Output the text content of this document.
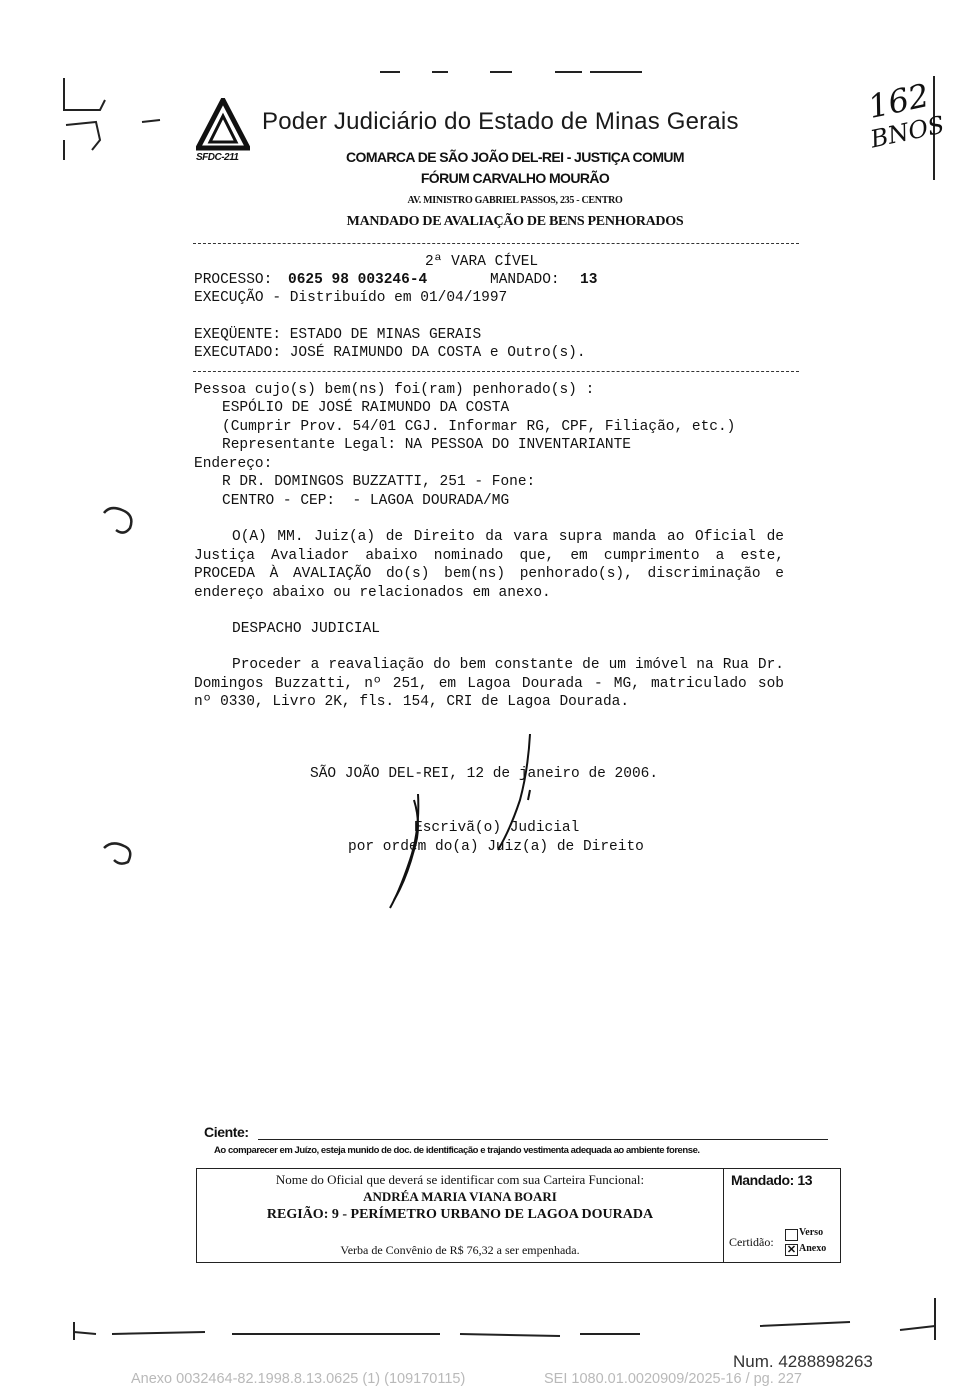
162
BNOS
SFDC-211
Poder Judiciário do Estado de Minas Gerais
COMARCA DE SÃO JOÃO DEL-REI - JUSTIÇA COMUM
FÓRUM CARVALHO MOURÃO
AV. MINISTRO GABRIEL PASSOS, 235 - CENTRO
MANDADO DE AVALIAÇÃO DE BENS PENHORADOS
2ª VARA CÍVEL
PROCESSO: 0625 98 003246-4	MANDADO: 13
EXECUÇÃO - Distribuído em 01/04/1997
EXEQÜENTE: ESTADO DE MINAS GERAIS
EXECUTADO: JOSÉ RAIMUNDO DA COSTA e Outro(s).
Pessoa cujo(s) bem(ns) foi(ram) penhorado(s) :
ESPÓLIO DE JOSÉ RAIMUNDO DA COSTA
(Cumprir Prov. 54/01 CGJ. Informar RG, CPF, Filiação, etc.)
Representante Legal: NA PESSOA DO INVENTARIANTE
Endereço:
R DR. DOMINGOS BUZZATTI, 251 - Fone:
CENTRO - CEP:  - LAGOA DOURADA/MG
O(A) MM. Juiz(a) de Direito da vara supra manda ao Oficial de Justiça Avaliador abaixo nominado que, em cumprimento a este, PROCEDA À AVALIAÇÃO do(s) bem(ns) penhorado(s), discriminação e endereço abaixo ou relacionados em anexo.
DESPACHO JUDICIAL
Proceder a reavaliação do bem constante de um imóvel na Rua Dr. Domingos Buzzatti, nº 251, em Lagoa Dourada - MG, matriculado sob nº 0330, Livro 2K, fls. 154, CRI de Lagoa Dourada.
SÃO JOÃO DEL-REI, 12 de janeiro de 2006.
Escrivã(o) Judicial
por ordem do(a) Juiz(a) de Direito
Ciente:
Ao comparecer em Juízo, esteja munido de doc. de identificação e trajando vestimenta adequada ao ambiente forense.
Nome do Oficial que deverá se identificar com sua Carteira Funcional:
ANDRÉA MARIA VIANA BOARI
REGIÃO: 9 - PERÍMETRO URBANO DE LAGOA DOURADA
Verba de Convênio de R$ 76,32 a ser empenhada.
Mandado: 13
Certidão:
Verso
✕ Anexo
Num. 4288898263
Anexo 0032464-82.1998.8.13.0625 (1) (109170115)	SEI 1080.01.0020909/2025-16 / pg. 227
